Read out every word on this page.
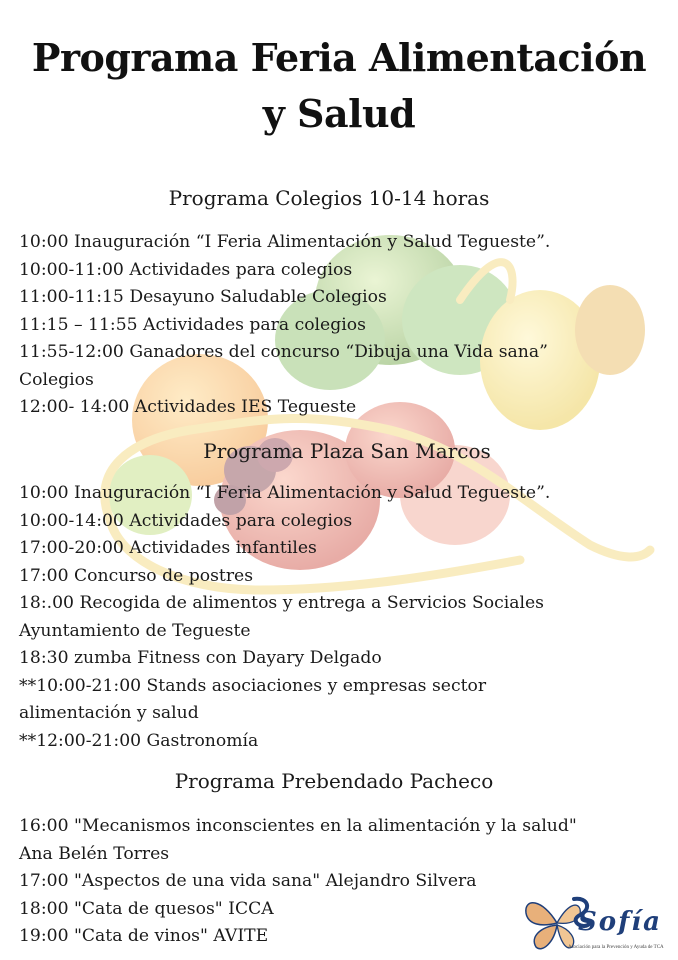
Programa Feria Alimentación
y Salud
Programa Colegios 10-14 horas
10:00 Inauguración “I Feria Alimentación y Salud Tegueste”.
10:00-11:00 Actividades para colegios
11:00-11:15 Desayuno Saludable Colegios
11:15 – 11:55 Actividades para colegios
11:55-12:00 Ganadores del concurso “Dibuja una Vida sana”
Colegios
12:00- 14:00 Actividades IES Tegueste
Programa Plaza San Marcos
10:00 Inauguración “I Feria Alimentación y Salud Tegueste”.
10:00-14:00 Actividades para colegios
17:00-20:00 Actividades infantiles
17:00 Concurso de postres
18:.00 Recogida de alimentos y entrega a Servicios Sociales
Ayuntamiento de Tegueste
18:30 zumba Fitness con Dayary Delgado
**10:00-21:00 Stands asociaciones y empresas sector
alimentación y salud
**12:00-21:00 Gastronomía
Programa Prebendado Pacheco
16:00 "Mecanismos inconscientes en la alimentación y la salud"
Ana Belén Torres
17:00 "Aspectos de una vida sana" Alejandro Silvera
18:00 "Cata de quesos" ICCA
19:00 "Cata de vinos" AVITE	Sofía
Asociación para la Prevención y Ayuda de TCA
